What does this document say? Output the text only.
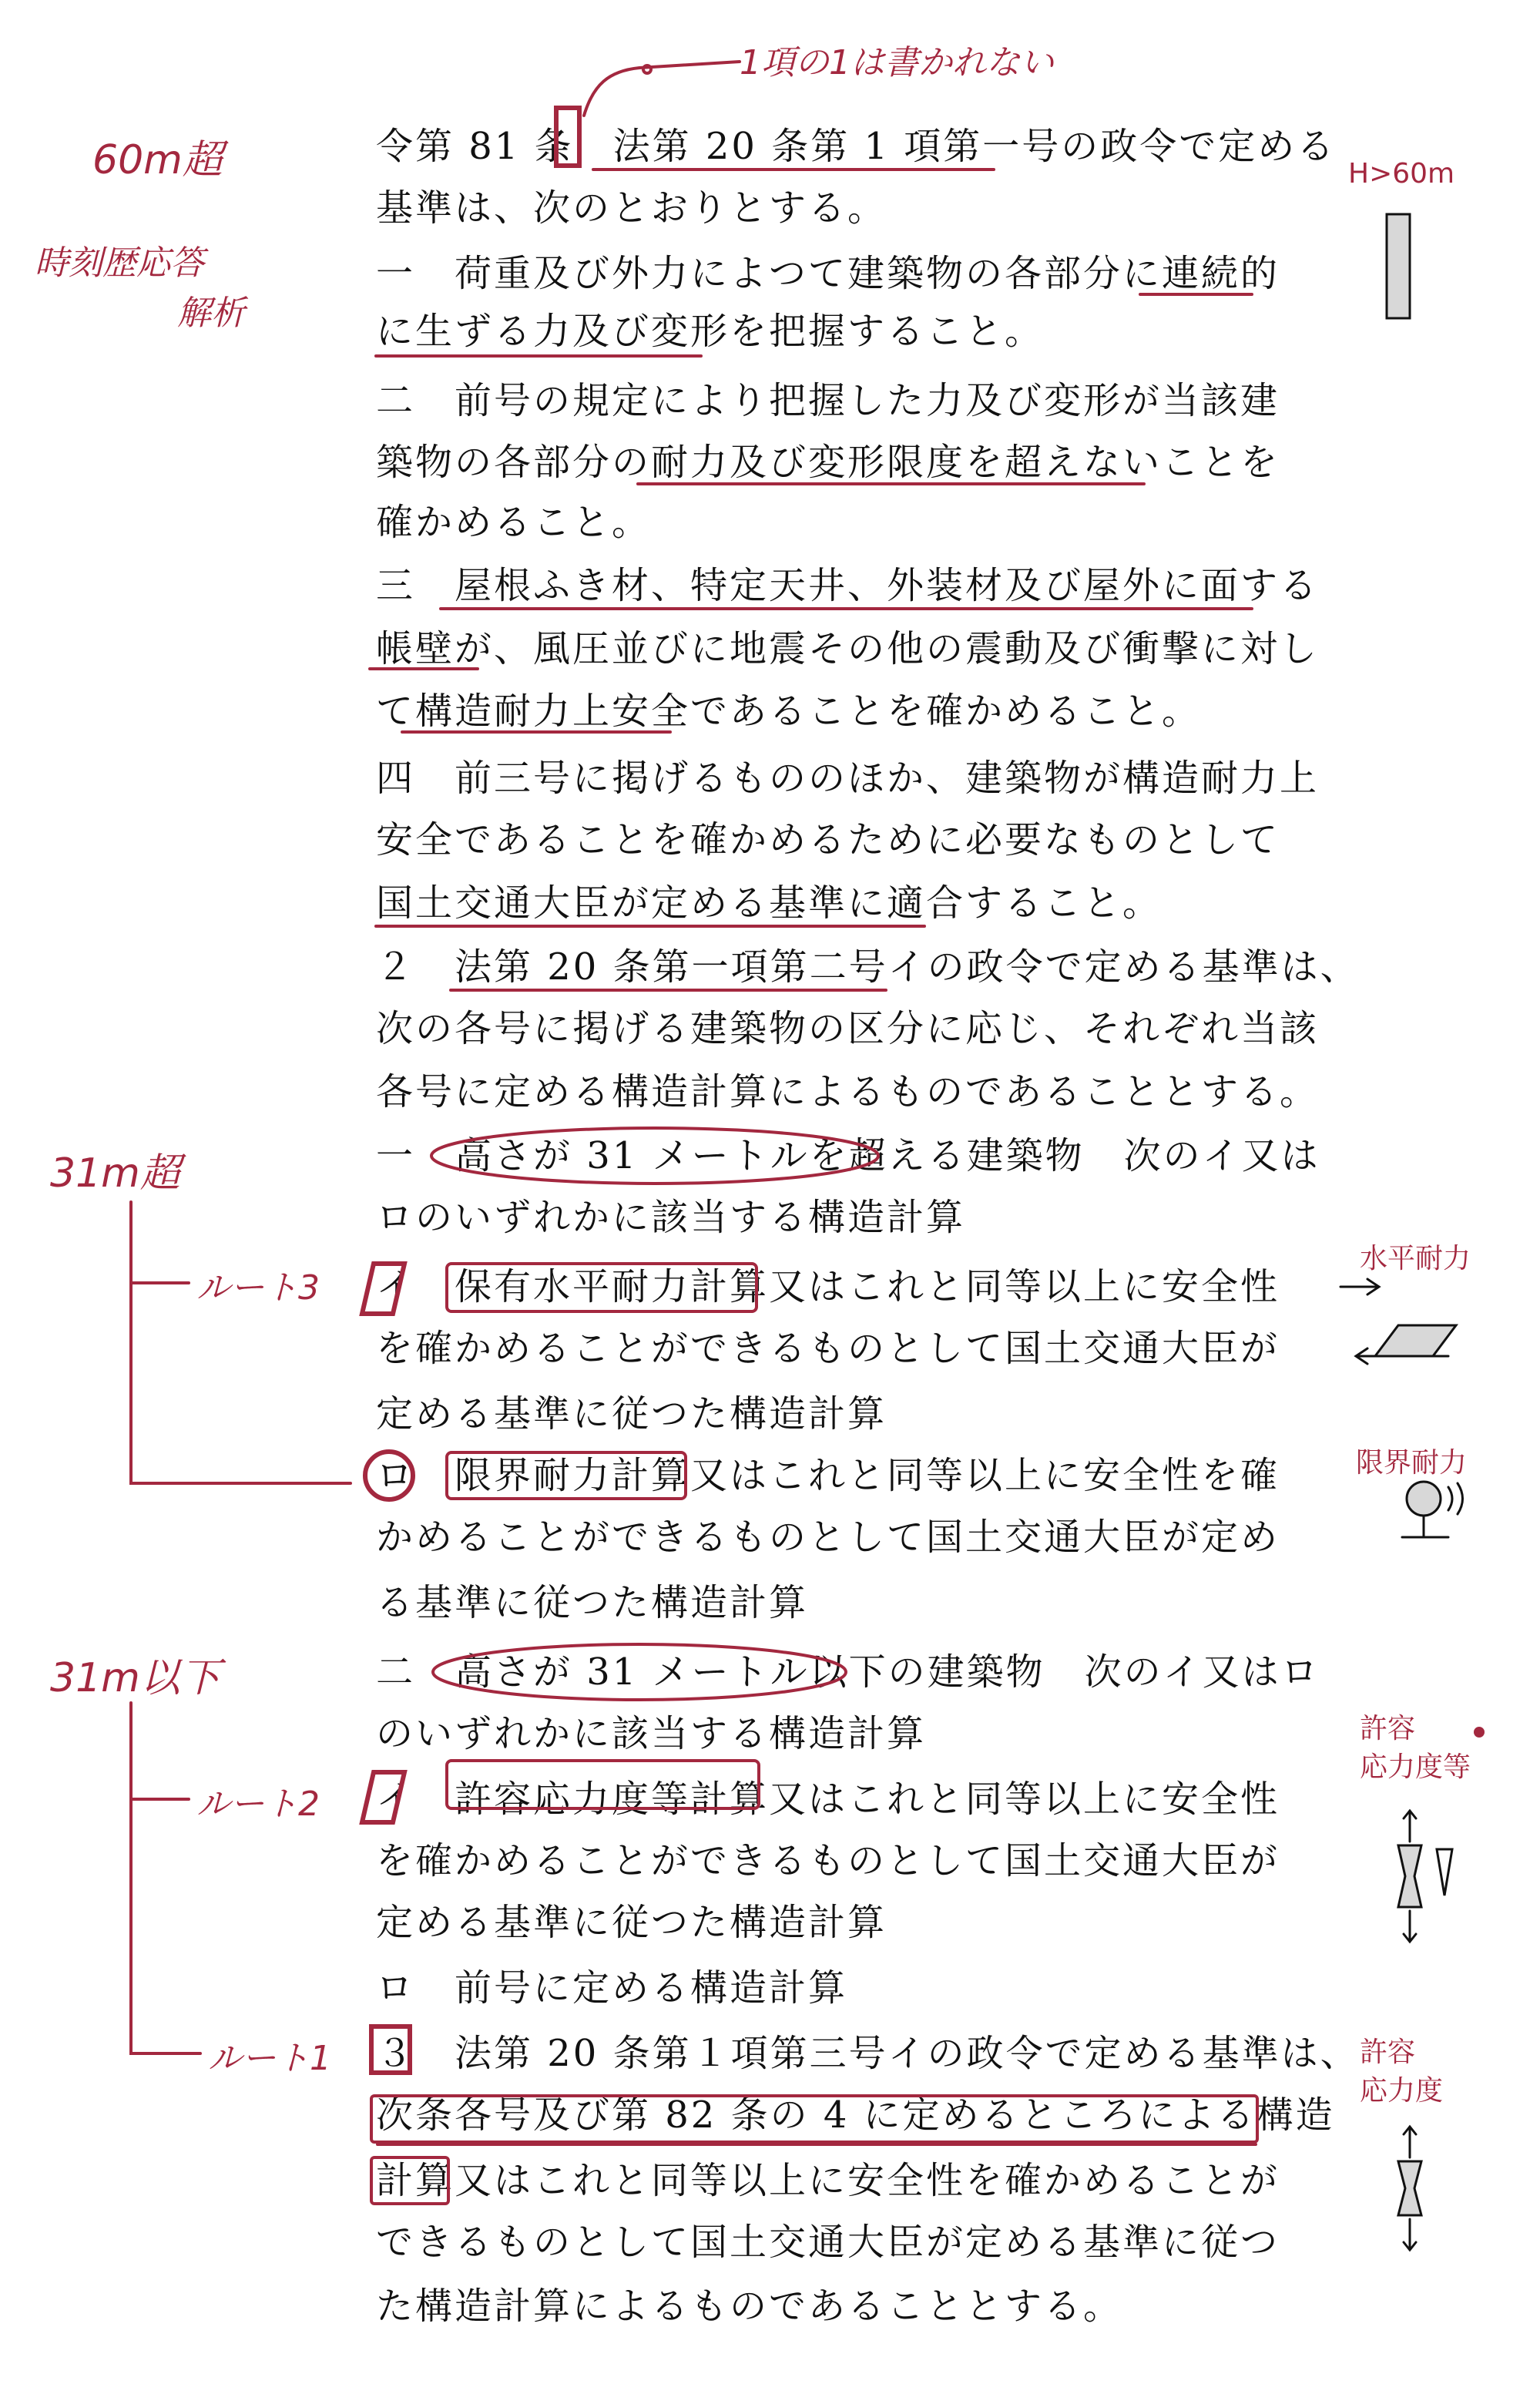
令第 81 条　法第 20 条第 1 項第一号の政令で定める
基準は、次のとおりとする。
一　荷重及び外力によつて建築物の各部分に連続的
に生ずる力及び変形を把握すること。
二　前号の規定により把握した力及び変形が当該建
築物の各部分の耐力及び変形限度を超えないことを
確かめること。
三　屋根ふき材、特定天井、外装材及び屋外に面する
帳壁が、風圧並びに地震その他の震動及び衝撃に対し
て構造耐力上安全であることを確かめること。
四　前三号に掲げるもののほか、建築物が構造耐力上
安全であることを確かめるために必要なものとして
国土交通大臣が定める基準に適合すること。
２　法第 20 条第一項第二号イの政令で定める基準は、
次の各号に掲げる建築物の区分に応じ、それぞれ当該
各号に定める構造計算によるものであることとする。
一　高さが 31 メートルを超える建築物　次のイ又は
ロのいずれかに該当する構造計算
イ　保有水平耐力計算又はこれと同等以上に安全性
を確かめることができるものとして国土交通大臣が
定める基準に従つた構造計算
ロ　限界耐力計算又はこれと同等以上に安全性を確
かめることができるものとして国土交通大臣が定め
る基準に従つた構造計算
二　高さが 31 メートル以下の建築物　次のイ又はロ
のいずれかに該当する構造計算
イ　許容応力度等計算又はこれと同等以上に安全性
を確かめることができるものとして国土交通大臣が
定める基準に従つた構造計算
ロ　前号に定める構造計算
３　法第 20 条第１項第三号イの政令で定める基準は、
次条各号及び第 82 条の 4 に定めるところによる構造
計算又はこれと同等以上に安全性を確かめることが
できるものとして国土交通大臣が定める基準に従つ
た構造計算によるものであることとする。
1項の1は書かれない
60m超
時刻歴応答
解析
H>60m
31m超
ルート3
31m以下
ルート2
ルート1
水平耐力
限界耐力
許容
応力度等
許容
応力度
